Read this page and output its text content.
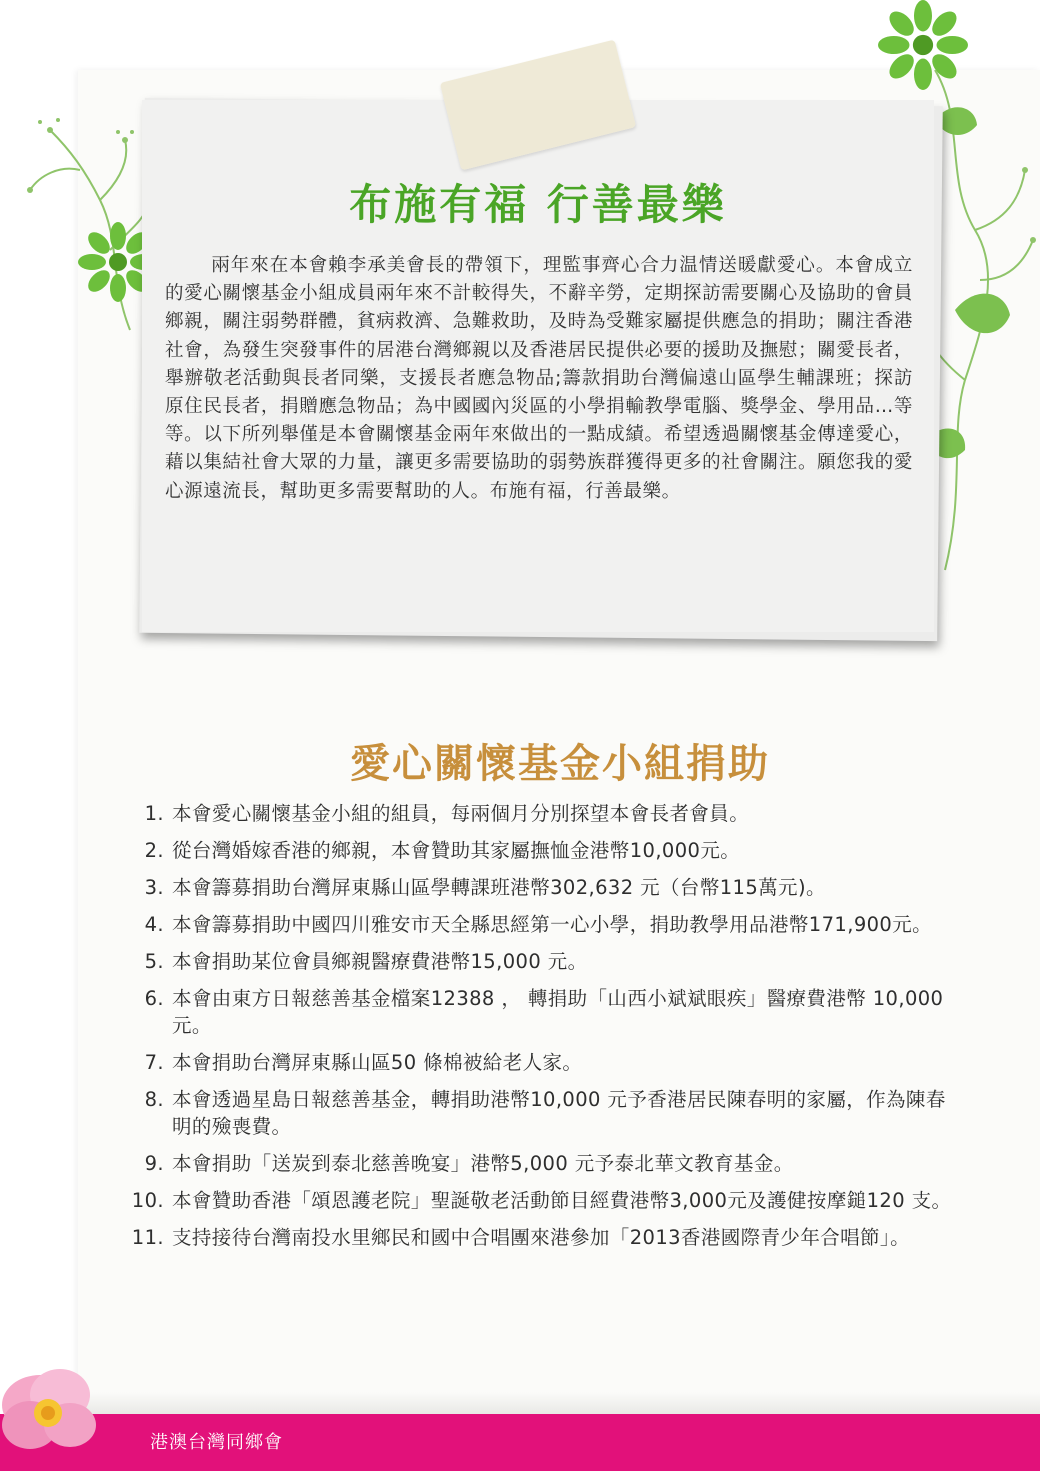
布施有福 行善最樂

兩年來在本會賴李承美會長的帶領下，理監事齊心合力温情送暖獻愛心。本會成立的愛心關懷基金小組成員兩年來不計較得失，不辭辛勞，定期探訪需要關心及協助的會員鄉親，關注弱勢群體，貧病救濟、急難救助，及時為受難家屬提供應急的捐助；關注香港社會，為發生突發事件的居港台灣鄉親以及香港居民提供必要的援助及撫慰；關愛長者，舉辦敬老活動與長者同樂，支援長者應急物品;籌款捐助台灣偏遠山區學生輔課班；探訪原住民長者，捐贈應急物品；為中國國內災區的小學捐輸教學電腦、獎學金、學用品…等等。以下所列舉僅是本會關懷基金兩年來做出的一點成績。希望透過關懷基金傳達愛心，藉以集結社會大眾的力量，讓更多需要協助的弱勢族群獲得更多的社會關注。願您我的愛心源遠流長，幫助更多需要幫助的人。布施有福，行善最樂。

愛心關懷基金小組捐助
1. 本會愛心關懷基金小組的組員，每兩個月分別探望本會長者會員。
2. 從台灣婚嫁香港的鄉親，本會贊助其家屬撫恤金港幣10,000元。
3. 本會籌募捐助台灣屏東縣山區學轉課班港幣302,632 元（台幣115萬元)。
4. 本會籌募捐助中國四川雅安市天全縣思經第一心小學，捐助教學用品港幣171,900元。
5. 本會捐助某位會員鄉親醫療費港幣15,000 元。
6. 本會由東方日報慈善基金檔案12388 ， 轉捐助「山西小斌斌眼疾」醫療費港幣 10,000 元。
7. 本會捐助台灣屏東縣山區50 條棉被給老人家。
8. 本會透過星島日報慈善基金，轉捐助港幣10,000 元予香港居民陳春明的家屬，作為陳春明的殮喪費。
9. 本會捐助「送炭到泰北慈善晚宴」港幣5,000 元予泰北華文教育基金。
10. 本會贊助香港「頌恩護老院」聖誕敬老活動節目經費港幣3,000元及護健按摩鎚120 支。
11. 支持接待台灣南投水里鄉民和國中合唱團來港參加「2013香港國際青少年合唱節」。
港澳台灣同鄉會
